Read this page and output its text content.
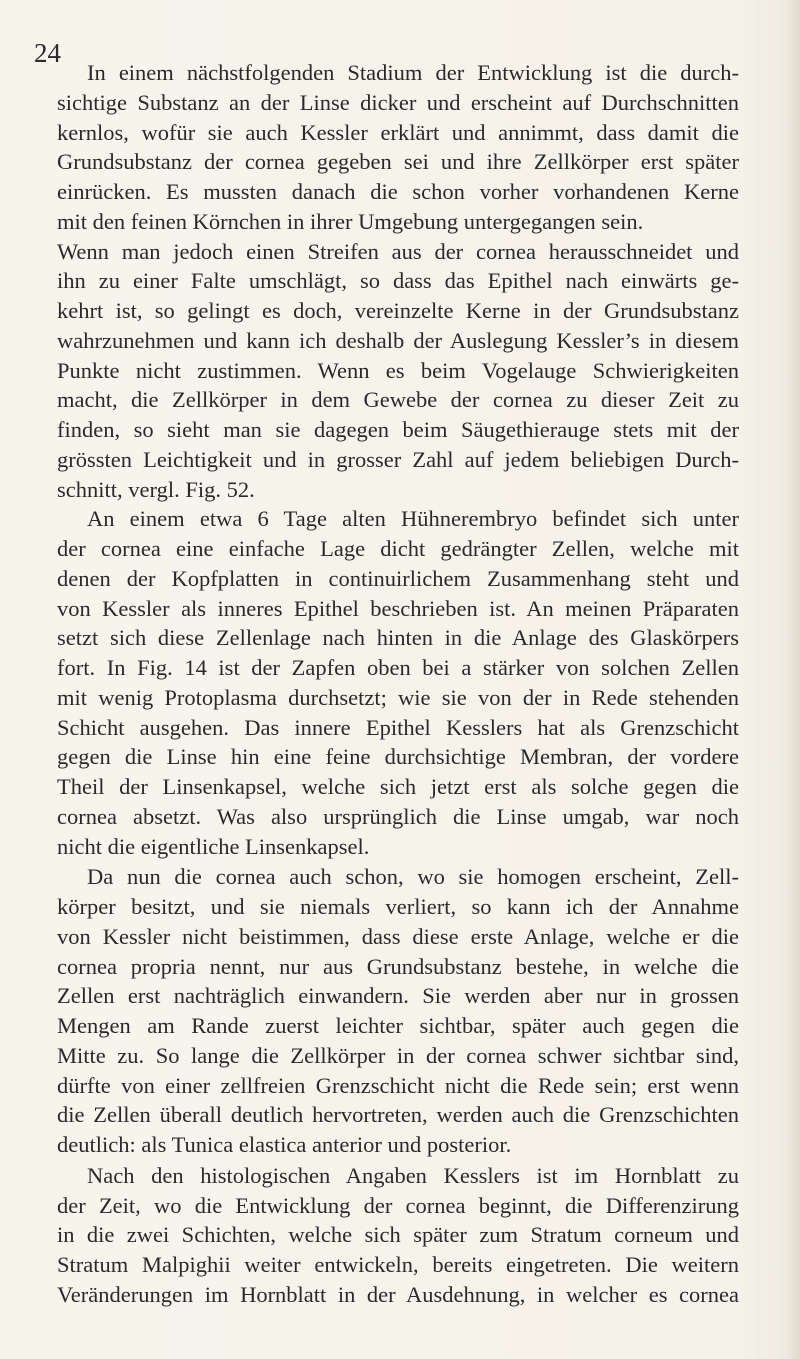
24
In einem nächstfolgenden Stadium der Entwicklung ist die durch-
sichtige Substanz an der Linse dicker und erscheint auf Durchschnitten
kernlos, wofür sie auch Kessler erklärt und annimmt, dass damit die
Grundsubstanz der cornea gegeben sei und ihre Zellkörper erst später
einrücken. Es mussten danach die schon vorher vorhandenen Kerne
mit den feinen Körnchen in ihrer Umgebung untergegangen sein.
Wenn man jedoch einen Streifen aus der cornea herausschneidet und
ihn zu einer Falte umschlägt, so dass das Epithel nach einwärts ge-
kehrt ist, so gelingt es doch, vereinzelte Kerne in der Grundsubstanz
wahrzunehmen und kann ich deshalb der Auslegung Kessler’s in diesem
Punkte nicht zustimmen. Wenn es beim Vogelauge Schwierigkeiten
macht, die Zellkörper in dem Gewebe der cornea zu dieser Zeit zu
finden, so sieht man sie dagegen beim Säugethierauge stets mit der
grössten Leichtigkeit und in grosser Zahl auf jedem beliebigen Durch-
schnitt, vergl. Fig. 52.
An einem etwa 6 Tage alten Hühnerembryo befindet sich unter
der cornea eine einfache Lage dicht gedrängter Zellen, welche mit
denen der Kopfplatten in continuirlichem Zusammenhang steht und
von Kessler als inneres Epithel beschrieben ist. An meinen Präparaten
setzt sich diese Zellenlage nach hinten in die Anlage des Glaskörpers
fort. In Fig. 14 ist der Zapfen oben bei a stärker von solchen Zellen
mit wenig Protoplasma durchsetzt; wie sie von der in Rede stehenden
Schicht ausgehen. Das innere Epithel Kesslers hat als Grenzschicht
gegen die Linse hin eine feine durchsichtige Membran, der vordere
Theil der Linsenkapsel, welche sich jetzt erst als solche gegen die
cornea absetzt. Was also ursprünglich die Linse umgab, war noch
nicht die eigentliche Linsenkapsel.
Da nun die cornea auch schon, wo sie homogen erscheint, Zell-
körper besitzt, und sie niemals verliert, so kann ich der Annahme
von Kessler nicht beistimmen, dass diese erste Anlage, welche er die
cornea propria nennt, nur aus Grundsubstanz bestehe, in welche die
Zellen erst nachträglich einwandern. Sie werden aber nur in grossen
Mengen am Rande zuerst leichter sichtbar, später auch gegen die
Mitte zu. So lange die Zellkörper in der cornea schwer sichtbar sind,
dürfte von einer zellfreien Grenzschicht nicht die Rede sein; erst wenn
die Zellen überall deutlich hervortreten, werden auch die Grenzschichten
deutlich: als Tunica elastica anterior und posterior.
Nach den histologischen Angaben Kesslers ist im Hornblatt zu
der Zeit, wo die Entwicklung der cornea beginnt, die Differenzirung
in die zwei Schichten, welche sich später zum Stratum corneum und
Stratum Malpighii weiter entwickeln, bereits eingetreten. Die weitern
Veränderungen im Hornblatt in der Ausdehnung, in welcher es cornea
